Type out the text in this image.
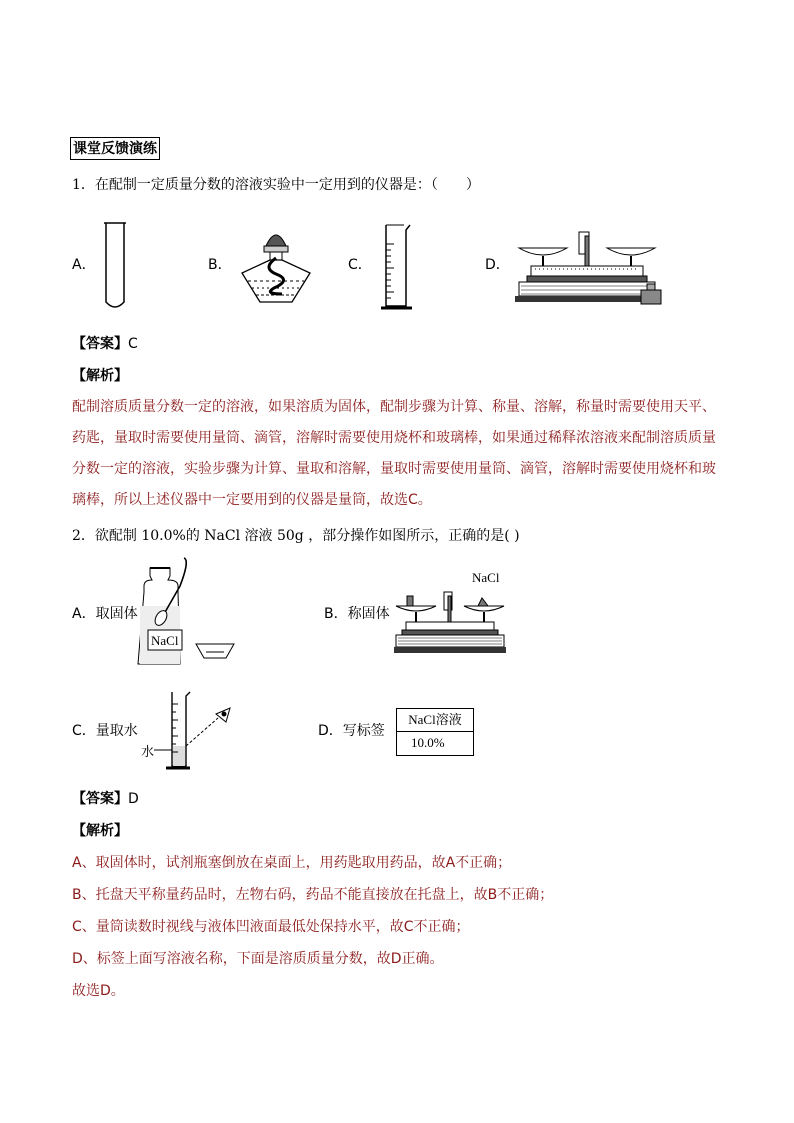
课堂反馈演练
1．在配制一定质量分数的溶液实验中一定用到的仪器是：（　　）
A．	B．	C．	D．
【答案】C
【解析】
配制溶质质量分数一定的溶液，如果溶质为固体，配制步骤为计算、称量、溶解，称量时需要使用天平、药匙，量取时需要使用量筒、滴管，溶解时需要使用烧杯和玻璃棒，如果通过稀释浓溶液来配制溶质质量分数一定的溶液，实验步骤为计算、量取和溶解，量取时需要使用量筒、滴管，溶解时需要使用烧杯和玻璃棒，所以上述仪器中一定要用到的仪器是量筒，故选C。
2．欲配制 10.0%的 NaCl 溶液 50g ，部分操作如图所示，正确的是( )
A．取固体
NaCl
B．称固体
NaCl
C．量取水
水
D．写标签
NaCl溶液
10.0%
【答案】D
【解析】
A、取固体时，试剂瓶塞倒放在桌面上，用药匙取用药品，故A不正确；
B、托盘天平称量药品时，左物右码，药品不能直接放在托盘上，故B不正确；
C、量筒读数时视线与液体凹液面最低处保持水平，故C不正确；
D、标签上面写溶液名称，下面是溶质质量分数，故D正确。
故选D。
